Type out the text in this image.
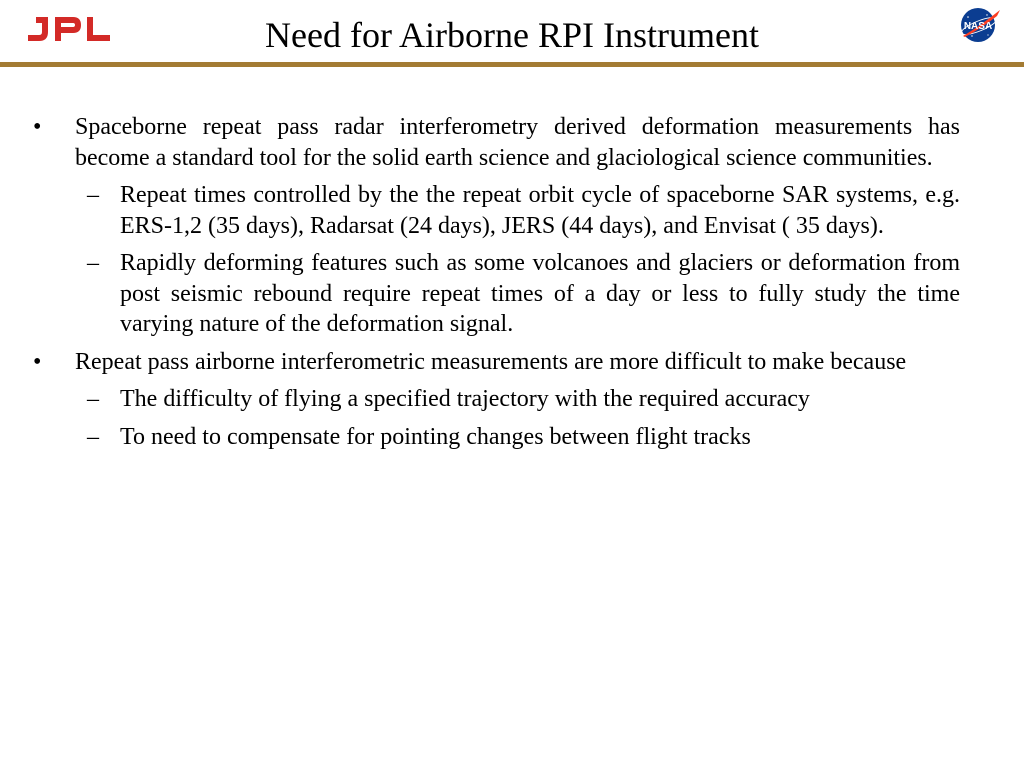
Need for Airborne RPI Instrument	NASA
• Spaceborne repeat pass radar interferometry derived deformation measurements has become a standard tool for the solid earth science and glaciological science communities.
– Repeat times controlled by the the repeat orbit cycle of spaceborne SAR systems, e.g. ERS-1,2 (35 days), Radarsat (24 days), JERS (44 days), and Envisat ( 35 days).
– Rapidly deforming features such as some volcanoes and glaciers or deformation from post seismic rebound require repeat times of a day or less to fully study the time varying nature of the deformation signal.
• Repeat pass airborne interferometric measurements are more difficult to make because
– The difficulty of flying a specified trajectory with the required accuracy
– To need to compensate for pointing changes between flight tracks
